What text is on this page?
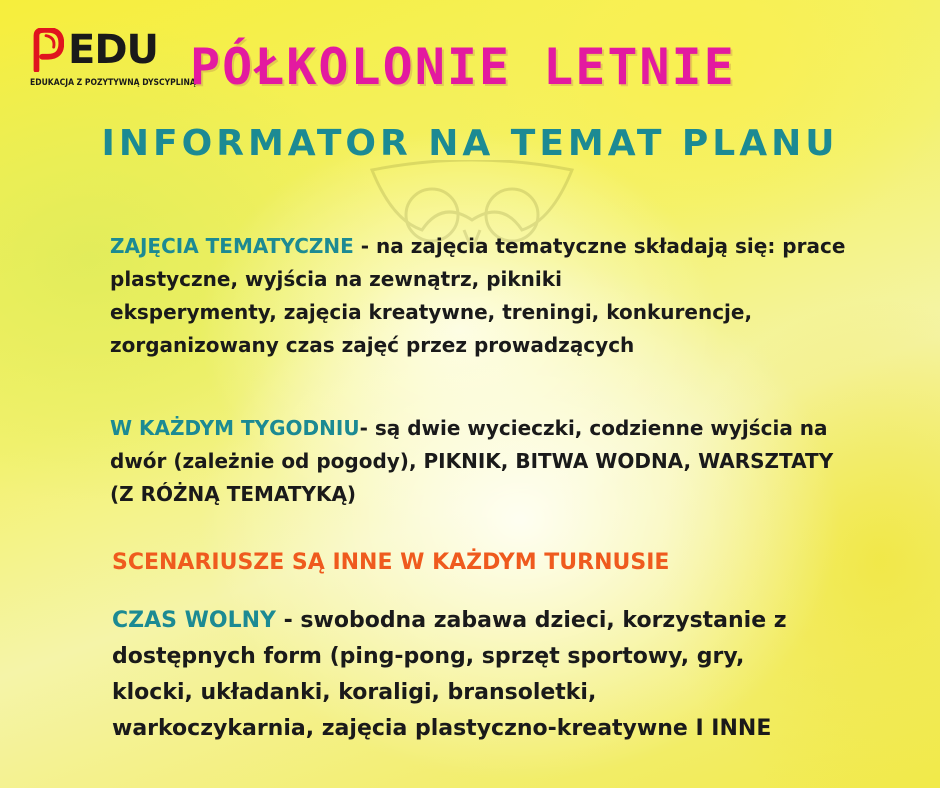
EDU
EDUKACJA Z POZYTYWNĄ DYSCYPLINĄ
PÓŁKOLONIE LETNIE
INFORMATOR NA TEMAT PLANU
ZAJĘCIA TEMATYCZNE - na zajęcia tematyczne składają się: prace
plastyczne, wyjścia na zewnątrz, pikniki
eksperymenty, zajęcia kreatywne, treningi, konkurencje,
zorganizowany czas zajęć przez prowadzących
W KAŻDYM TYGODNIU- są dwie wycieczki, codzienne wyjścia na
dwór (zależnie od pogody), PIKNIK, BITWA WODNA, WARSZTATY
(Z RÓŻNĄ TEMATYKĄ)
SCENARIUSZE SĄ INNE W KAŻDYM TURNUSIE
CZAS WOLNY - swobodna zabawa dzieci, korzystanie z
dostępnych form (ping-pong, sprzęt sportowy, gry,
klocki, układanki, koraligi, bransoletki,
warkoczykarnia, zajęcia plastyczno-kreatywne I INNE
